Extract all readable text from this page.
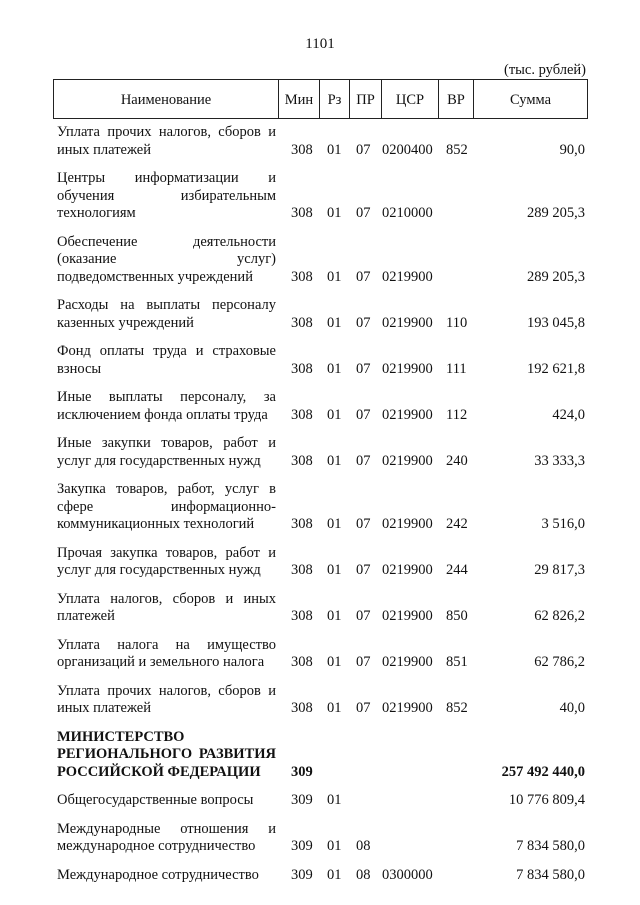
1101
(тыс. рублей)
Наименование	Мин Рз	ПР	ЦСР	ВР	Сумма
Уплата прочих налогов, сборов и иных платежей	308 01 07 0200400 852	90,0
Центры информатизации и обучения избирательным технологиям	308 01 07 0210000	289 205,3
Обеспечение деятельности (оказание услуг) подведомственных учреждений	308 01 07 0219900	289 205,3
Расходы на выплаты персоналу казенных учреждений	308 01 07 0219900 110	193 045,8
Фонд оплаты труда и страховые взносы	308 01 07 0219900 111	192 621,8
Иные выплаты персоналу, за исключением фонда оплаты труда	308 01 07 0219900 112	424,0
Иные закупки товаров, работ и услуг для государственных нужд	308 01 07 0219900 240	33 333,3
Закупка товаров, работ, услуг в сфере информационно-коммуникационных технологий	308 01 07 0219900 242	3 516,0
Прочая закупка товаров, работ и услуг для государственных нужд	308 01 07 0219900 244	29 817,3
Уплата налогов, сборов и иных платежей	308 01 07 0219900 850	62 826,2
Уплата налога на имущество организаций и земельного налога	308 01 07 0219900 851	62 786,2
Уплата прочих налогов, сборов и иных платежей	308 01 07 0219900 852	40,0
МИНИСТЕРСТВО РЕГИОНАЛЬНОГО РАЗВИТИЯ РОССИЙСКОЙ ФЕДЕРАЦИИ	309	257 492 440,0
Общегосударственные вопросы	309 01	10 776 809,4
Международные отношения и международное сотрудничество	309 01 08	7 834 580,0
Международное сотрудничество	309 01 08 0300000	7 834 580,0
